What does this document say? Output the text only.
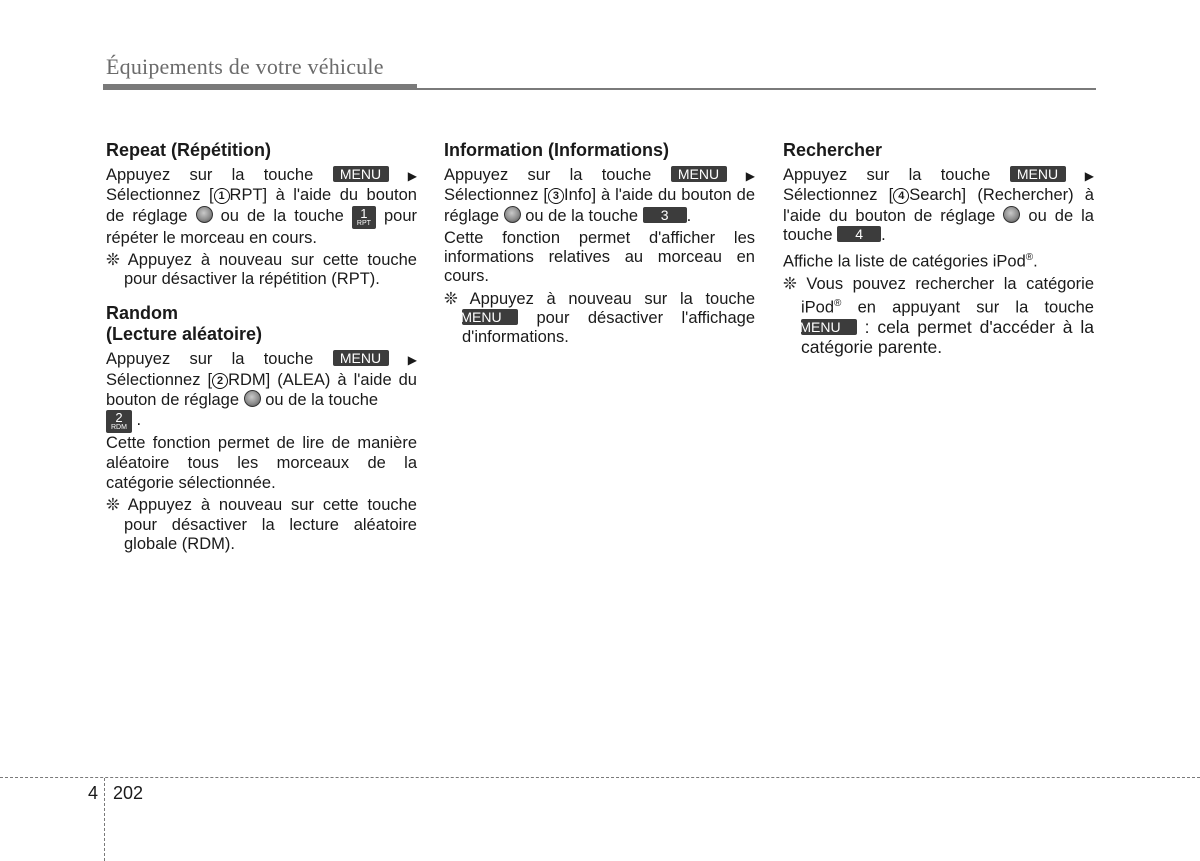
Équipements de votre véhicule
Repeat (Répétition)

Appuyez sur la touche MENU ▶ Sélectionnez [ 1 RPT] à l'aide du bouton de réglage ou de la touche 1
RPT pour répéter le morceau en cours.

❊ Appuyez à nouveau sur cette touche pour désactiver la répétition (RPT).

Random
(Lecture aléatoire)

Appuyez sur la touche MENU ▶ Sélectionnez [ 2 RDM] (ALEA) à l'aide du bouton de réglage ou de la touche
2
RDM .

Cette fonction permet de lire de manière aléatoire tous les morceaux de la catégorie sélectionnée.

❊ Appuyez à nouveau sur cette touche pour désactiver la lecture aléatoire globale (RDM).

Information (Informations)

Appuyez sur la touche MENU ▶ Sélectionnez [ 3 Info] à l'aide du bouton de réglage ou de la touche 3 .

Cette fonction permet d'afficher les informations relatives au morceau en cours.

❊ Appuyez à nouveau sur la touche MENU pour désactiver l'affichage d'informations.

Rechercher

Appuyez sur la touche MENU ▶ Sélectionnez [ 4 Search] (Rechercher) à l'aide du bouton de réglage ou de la touche 4 .

Affiche la liste de catégories iPod®.

❊ Vous pouvez rechercher la catégorie iPod® en appuyant sur la touche MENU : cela permet d'accéder à la catégorie parente.

4 202
